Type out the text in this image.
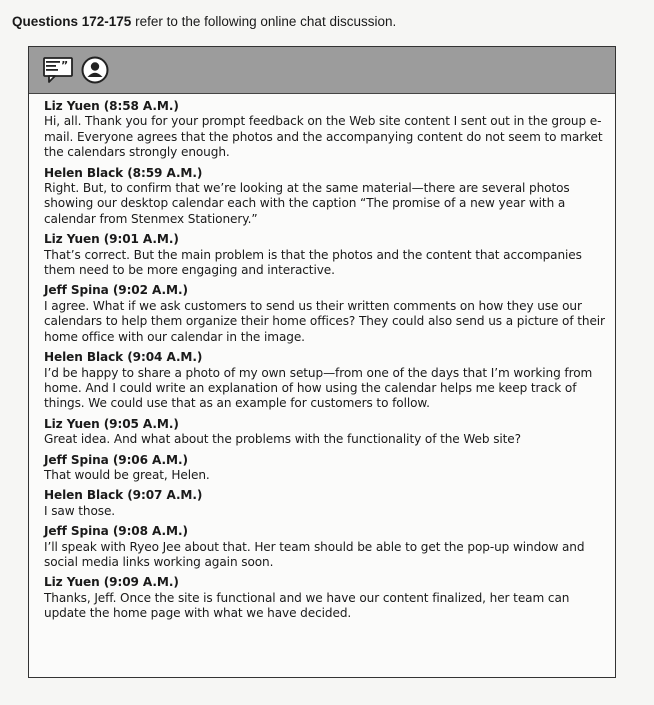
Questions 172-175 refer to the following online chat discussion.
”
Liz Yuen (8:58 A.M.)
Hi, all. Thank you for your prompt feedback on the Web site content I sent out in the group e-mail. Everyone agrees that the photos and the accompanying content do not seem to market the calendars strongly enough.
Helen Black (8:59 A.M.)
Right. But, to confirm that we’re looking at the same material—there are several photos showing our desktop calendar each with the caption “The promise of a new year with a calendar from Stenmex Stationery.”
Liz Yuen (9:01 A.M.)
That’s correct. But the main problem is that the photos and the content that accompanies them need to be more engaging and interactive.
Jeff Spina (9:02 A.M.)
I agree. What if we ask customers to send us their written comments on how they use our calendars to help them organize their home offices? They could also send us a picture of their home office with our calendar in the image.
Helen Black (9:04 A.M.)
I’d be happy to share a photo of my own setup—from one of the days that I’m working from home. And I could write an explanation of how using the calendar helps me keep track of things. We could use that as an example for customers to follow.
Liz Yuen (9:05 A.M.)
Great idea. And what about the problems with the functionality of the Web site?
Jeff Spina (9:06 A.M.)
That would be great, Helen.
Helen Black (9:07 A.M.)
I saw those.
Jeff Spina (9:08 A.M.)
I’ll speak with Ryeo Jee about that. Her team should be able to get the pop-up window and social media links working again soon.
Liz Yuen (9:09 A.M.)
Thanks, Jeff. Once the site is functional and we have our content finalized, her team can update the home page with what we have decided.
